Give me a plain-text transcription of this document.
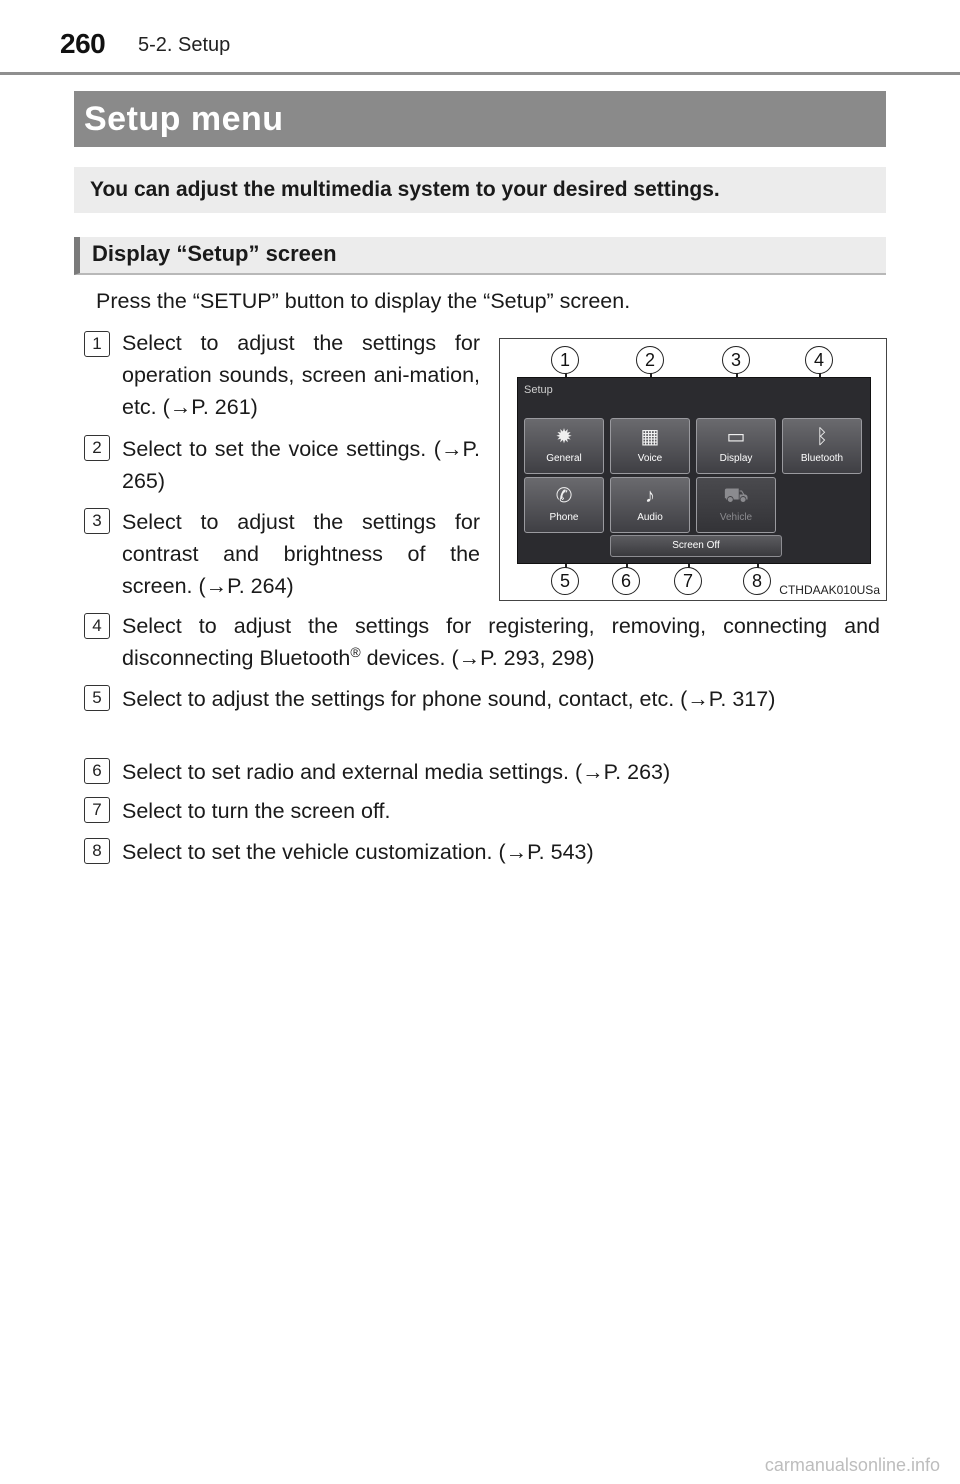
260 5-2. Setup
Setup menu
You can adjust the multimedia system to your desired settings.
Display “Setup” screen
Press the “SETUP” button to display the “Setup” screen.
1 Select to adjust the settings for operation sounds, screen ani-mation, etc. (→P. 261)
2 Select to set the voice settings. (→P. 265)
3 Select to adjust the settings for contrast and brightness of the screen. (→P. 264)
4 Select to adjust the settings for registering, removing, connecting and disconnecting Bluetooth® devices. (→P. 293, 298)
5 Select to adjust the settings for phone sound, contact, etc. (→P. 317)
6 Select to set radio and external media settings. (→P. 263)
7 Select to turn the screen off.
8 Select to set the vehicle customization. (→P. 543)
Setup
✹
General
▦
Voice
▭
Display
ᛒ
Bluetooth
✆
Phone
♪
Audio
⛟
Vehicle
Screen Off
1	2	3	4
5	6	7	8	CTHDAAK010USa
carmanualsonline.info
